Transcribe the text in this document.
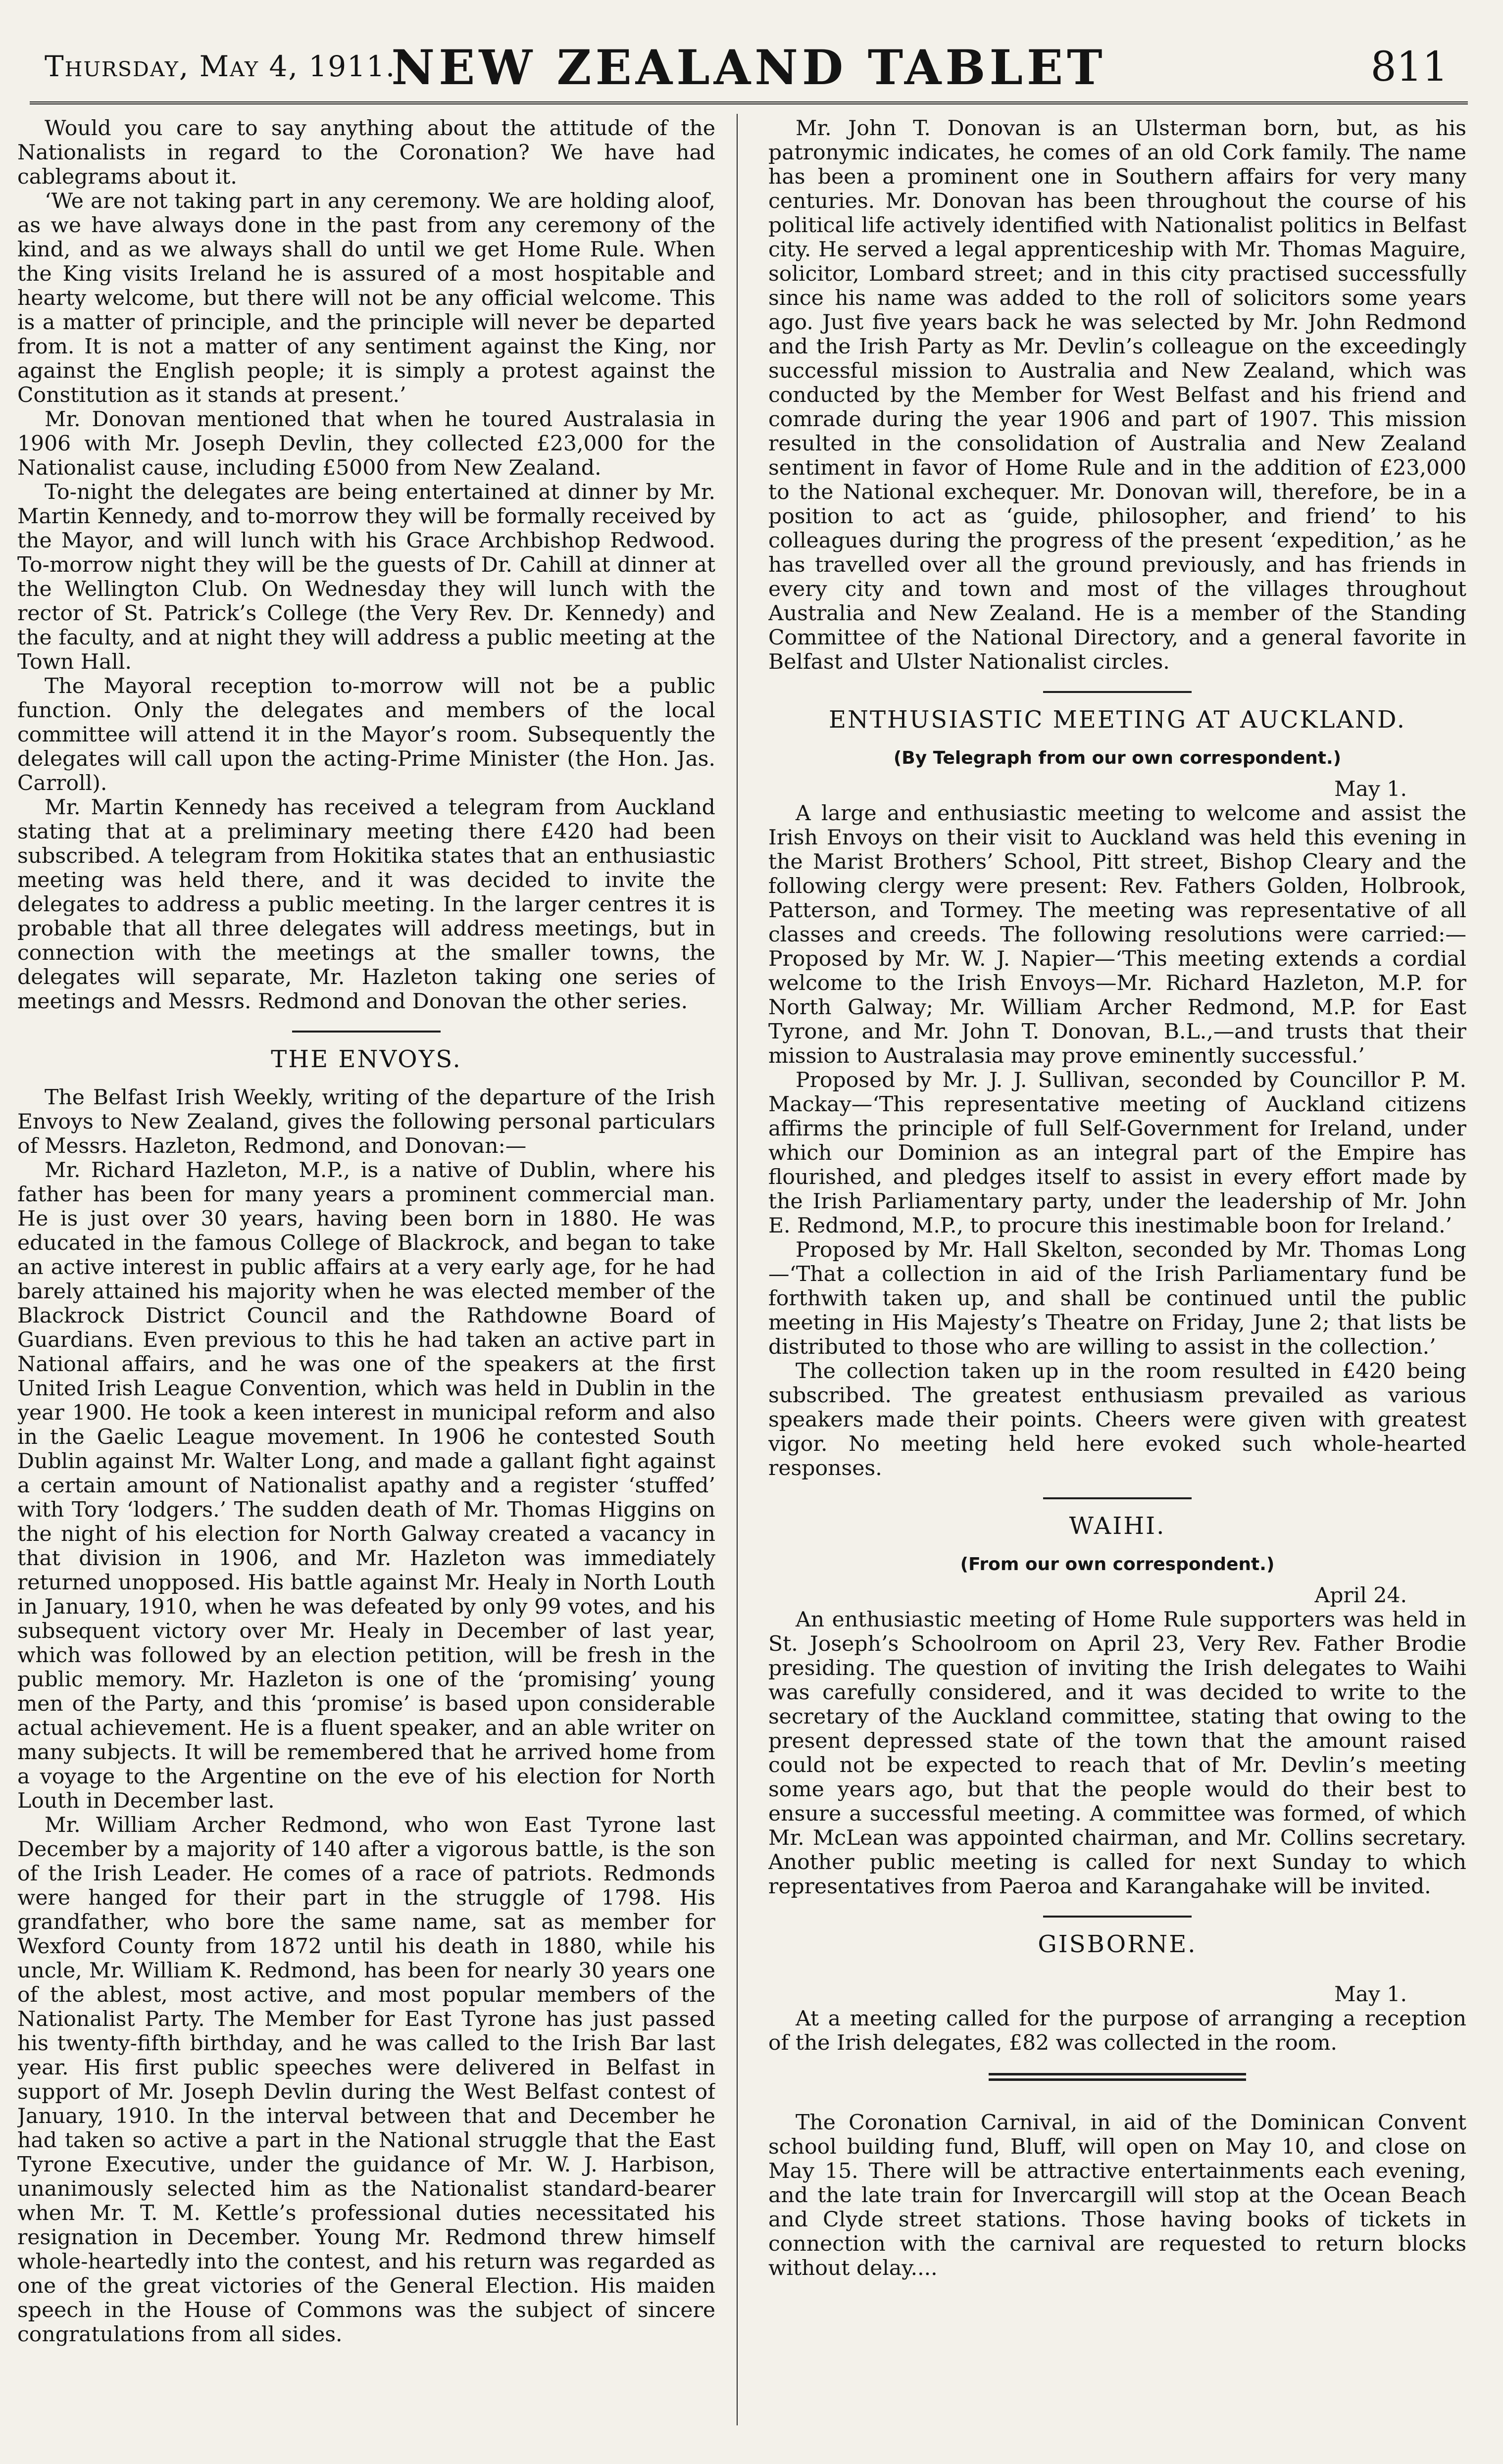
Thursday, May 4, 1911.
NEW ZEALAND TABLET	811

Would you care to say anything about the attitude of the Nationalists in regard to the Coronation? We have had cablegrams about it.

‘We are not taking part in any ceremony. We are holding aloof, as we have always done in the past from any ceremony of the kind, and as we always shall do until we get Home Rule. When the King visits Ireland he is assured of a most hospitable and hearty welcome, but there will not be any official welcome. This is a matter of principle, and the principle will never be departed from. It is not a matter of any sentiment against the King, nor against the English people; it is simply a protest against the Constitution as it stands at present.’

Mr. Donovan mentioned that when he toured Australasia in 1906 with Mr. Joseph Devlin, they collected £23,000 for the Nationalist cause, including £5000 from New Zealand.

To-night the delegates are being entertained at dinner by Mr. Martin Kennedy, and to-morrow they will be formally received by the Mayor, and will lunch with his Grace Archbishop Redwood. To-morrow night they will be the guests of Dr. Cahill at dinner at the Wellington Club. On Wednesday they will lunch with the rector of St. Patrick’s College (the Very Rev. Dr. Kennedy) and the faculty, and at night they will address a public meeting at the Town Hall.

The Mayoral reception to-morrow will not be a public function. Only the delegates and members of the local committee will attend it in the Mayor’s room. Subsequently the delegates will call upon the acting-Prime Minister (the Hon. Jas. Carroll).

Mr. Martin Kennedy has received a telegram from Auckland stating that at a preliminary meeting there £420 had been subscribed. A telegram from Hokitika states that an enthusiastic meeting was held there, and it was decided to invite the delegates to address a public meeting. In the larger centres it is probable that all three delegates will address meetings, but in connection with the meetings at the smaller towns, the delegates will separate, Mr. Hazleton taking one series of meetings and Messrs. Redmond and Donovan the other series.

THE ENVOYS.

The Belfast Irish Weekly, writing of the departure of the Irish Envoys to New Zealand, gives the following personal particulars of Messrs. Hazleton, Redmond, and Donovan:—

Mr. Richard Hazleton, M.P., is a native of Dublin, where his father has been for many years a prominent commercial man. He is just over 30 years, having been born in 1880. He was educated in the famous College of Blackrock, and began to take an active interest in public affairs at a very early age, for he had barely attained his majority when he was elected member of the Blackrock District Council and the Rathdowne Board of Guardians. Even previous to this he had taken an active part in National affairs, and he was one of the speakers at the first United Irish League Convention, which was held in Dublin in the year 1900. He took a keen interest in municipal reform and also in the Gaelic League movement. In 1906 he contested South Dublin against Mr. Walter Long, and made a gallant fight against a certain amount of Nationalist apathy and a register ‘stuffed’ with Tory ‘lodgers.’ The sudden death of Mr. Thomas Higgins on the night of his election for North Galway created a vacancy in that division in 1906, and Mr. Hazleton was immediately returned unopposed. His battle against Mr. Healy in North Louth in January, 1910, when he was defeated by only 99 votes, and his subsequent victory over Mr. Healy in December of last year, which was followed by an election petition, will be fresh in the public memory. Mr. Hazleton is one of the ‘promising’ young men of the Party, and this ‘promise’ is based upon considerable actual achievement. He is a fluent speaker, and an able writer on many subjects. It will be remembered that he arrived home from a voyage to the Argentine on the eve of his election for North Louth in December last.

Mr. William Archer Redmond, who won East Tyrone last December by a majority of 140 after a vigorous battle, is the son of the Irish Leader. He comes of a race of patriots. Redmonds were hanged for their part in the struggle of 1798. His grandfather, who bore the same name, sat as member for Wexford County from 1872 until his death in 1880, while his uncle, Mr. William K. Redmond, has been for nearly 30 years one of the ablest, most active, and most popular members of the Nationalist Party. The Member for East Tyrone has just passed his twenty-fifth birthday, and he was called to the Irish Bar last year. His first public speeches were delivered in Belfast in support of Mr. Joseph Devlin during the West Belfast contest of January, 1910. In the interval between that and December he had taken so active a part in the National struggle that the East Tyrone Executive, under the guidance of Mr. W. J. Harbison, unanimously selected him as the Nationalist standard-bearer when Mr. T. M. Kettle’s professional duties necessitated his resignation in December. Young Mr. Redmond threw himself whole-heartedly into the contest, and his return was regarded as one of the great victories of the General Election. His maiden speech in the House of Commons was the subject of sincere congratulations from all sides.

Mr. John T. Donovan is an Ulsterman born, but, as his patronymic indicates, he comes of an old Cork family. The name has been a prominent one in Southern affairs for very many centuries. Mr. Donovan has been throughout the course of his political life actively identified with Nationalist politics in Belfast city. He served a legal apprenticeship with Mr. Thomas Maguire, solicitor, Lombard street; and in this city practised successfully since his name was added to the roll of solicitors some years ago. Just five years back he was selected by Mr. John Redmond and the Irish Party as Mr. Devlin’s colleague on the exceedingly successful mission to Australia and New Zealand, which was conducted by the Member for West Belfast and his friend and comrade during the year 1906 and part of 1907. This mission resulted in the consolidation of Australia and New Zealand sentiment in favor of Home Rule and in the addition of £23,000 to the National exchequer. Mr. Donovan will, therefore, be in a position to act as ‘guide, philosopher, and friend’ to his colleagues during the progress of the present ‘expedition,’ as he has travelled over all the ground previously, and has friends in every city and town and most of the villages throughout Australia and New Zealand. He is a member of the Standing Committee of the National Directory, and a general favorite in Belfast and Ulster Nationalist circles.

ENTHUSIASTIC MEETING AT AUCKLAND.

(By Telegraph from our own correspondent.)

May 1.

A large and enthusiastic meeting to welcome and assist the Irish Envoys on their visit to Auckland was held this evening in the Marist Brothers’ School, Pitt street, Bishop Cleary and the following clergy were present: Rev. Fathers Golden, Holbrook, Patterson, and Tormey. The meeting was representative of all classes and creeds. The following resolutions were carried:—Proposed by Mr. W. J. Napier—‘This meeting extends a cordial welcome to the Irish Envoys—Mr. Richard Hazleton, M.P. for North Galway; Mr. William Archer Redmond, M.P. for East Tyrone, and Mr. John T. Donovan, B.L.,—and trusts that their mission to Australasia may prove eminently successful.’

Proposed by Mr. J. J. Sullivan, seconded by Councillor P. M. Mackay—‘This representative meeting of Auckland citizens affirms the principle of full Self-Government for Ireland, under which our Dominion as an integral part of the Empire has flourished, and pledges itself to assist in every effort made by the Irish Parliamentary party, under the leadership of Mr. John E. Redmond, M.P., to procure this inestimable boon for Ireland.’

Proposed by Mr. Hall Skelton, seconded by Mr. Thomas Long—‘That a collection in aid of the Irish Parliamentary fund be forthwith taken up, and shall be continued until the public meeting in His Majesty’s Theatre on Friday, June 2; that lists be distributed to those who are willing to assist in the collection.’

The collection taken up in the room resulted in £420 being subscribed. The greatest enthusiasm prevailed as various speakers made their points. Cheers were given with greatest vigor. No meeting held here evoked such whole-hearted responses.

WAIHI.

(From our own correspondent.)

April 24.

An enthusiastic meeting of Home Rule supporters was held in St. Joseph’s Schoolroom on April 23, Very Rev. Father Brodie presiding. The question of inviting the Irish delegates to Waihi was carefully considered, and it was decided to write to the secretary of the Auckland committee, stating that owing to the present depressed state of the town that the amount raised could not be expected to reach that of Mr. Devlin’s meeting some years ago, but that the people would do their best to ensure a successful meeting. A committee was formed, of which Mr. McLean was appointed chairman, and Mr. Collins secretary. Another public meeting is called for next Sunday to which representatives from Paeroa and Karangahake will be invited.

GISBORNE.

May 1.

At a meeting called for the purpose of arranging a reception of the Irish delegates, £82 was collected in the room.

The Coronation Carnival, in aid of the Dominican Convent school building fund, Bluff, will open on May 10, and close on May 15. There will be attractive entertainments each evening, and the late train for Invercargill will stop at the Ocean Beach and Clyde street stations. Those having books of tickets in connection with the carnival are requested to return blocks without delay....
